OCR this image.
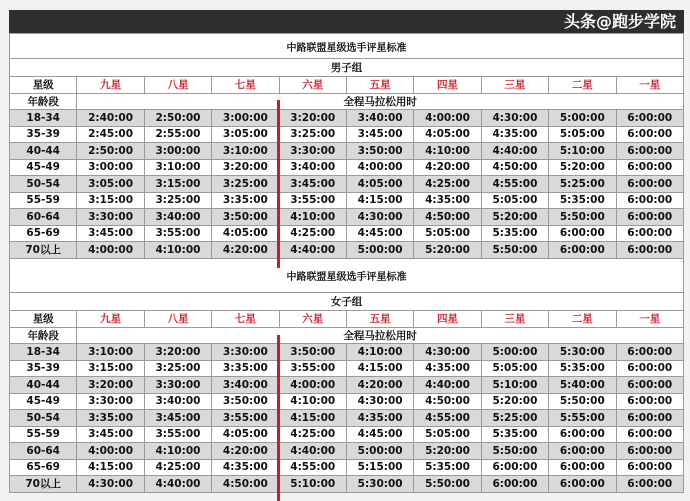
中路联盟星级选手评星标准									
男子组									
星级	九星	八星	七星	六星	五星	四星	三星	二星	一星
年龄段	全程马拉松用时								
18-34	2:40:00	2:50:00	3:00:00	3:20:00	3:40:00	4:00:00	4:30:00	5:00:00	6:00:00
35-39	2:45:00	2:55:00	3:05:00	3:25:00	3:45:00	4:05:00	4:35:00	5:05:00	6:00:00
40-44	2:50:00	3:00:00	3:10:00	3:30:00	3:50:00	4:10:00	4:40:00	5:10:00	6:00:00
45-49	3:00:00	3:10:00	3:20:00	3:40:00	4:00:00	4:20:00	4:50:00	5:20:00	6:00:00
50-54	3:05:00	3:15:00	3:25:00	3:45:00	4:05:00	4:25:00	4:55:00	5:25:00	6:00:00
55-59	3:15:00	3:25:00	3:35:00	3:55:00	4:15:00	4:35:00	5:05:00	5:35:00	6:00:00
60-64	3:30:00	3:40:00	3:50:00	4:10:00	4:30:00	4:50:00	5:20:00	5:50:00	6:00:00
65-69	3:45:00	3:55:00	4:05:00	4:25:00	4:45:00	5:05:00	5:35:00	6:00:00	6:00:00
70以上	4:00:00	4:10:00	4:20:00	4:40:00	5:00:00	5:20:00	5:50:00	6:00:00	6:00:00
中路联盟星级选手评星标准									
女子组									
星级	九星	八星	七星	六星	五星	四星	三星	二星	一星
年龄段	全程马拉松用时								
18-34	3:10:00	3:20:00	3:30:00	3:50:00	4:10:00	4:30:00	5:00:00	5:30:00	6:00:00
35-39	3:15:00	3:25:00	3:35:00	3:55:00	4:15:00	4:35:00	5:05:00	5:35:00	6:00:00
40-44	3:20:00	3:30:00	3:40:00	4:00:00	4:20:00	4:40:00	5:10:00	5:40:00	6:00:00
45-49	3:30:00	3:40:00	3:50:00	4:10:00	4:30:00	4:50:00	5:20:00	5:50:00	6:00:00
50-54	3:35:00	3:45:00	3:55:00	4:15:00	4:35:00	4:55:00	5:25:00	5:55:00	6:00:00
55-59	3:45:00	3:55:00	4:05:00	4:25:00	4:45:00	5:05:00	5:35:00	6:00:00	6:00:00
60-64	4:00:00	4:10:00	4:20:00	4:40:00	5:00:00	5:20:00	5:50:00	6:00:00	6:00:00
65-69	4:15:00	4:25:00	4:35:00	4:55:00	5:15:00	5:35:00	6:00:00	6:00:00	6:00:00
70以上	4:30:00	4:40:00	4:50:00	5:10:00	5:30:00	5:50:00	6:00:00	6:00:00	6:00:00
头条@跑步学院
